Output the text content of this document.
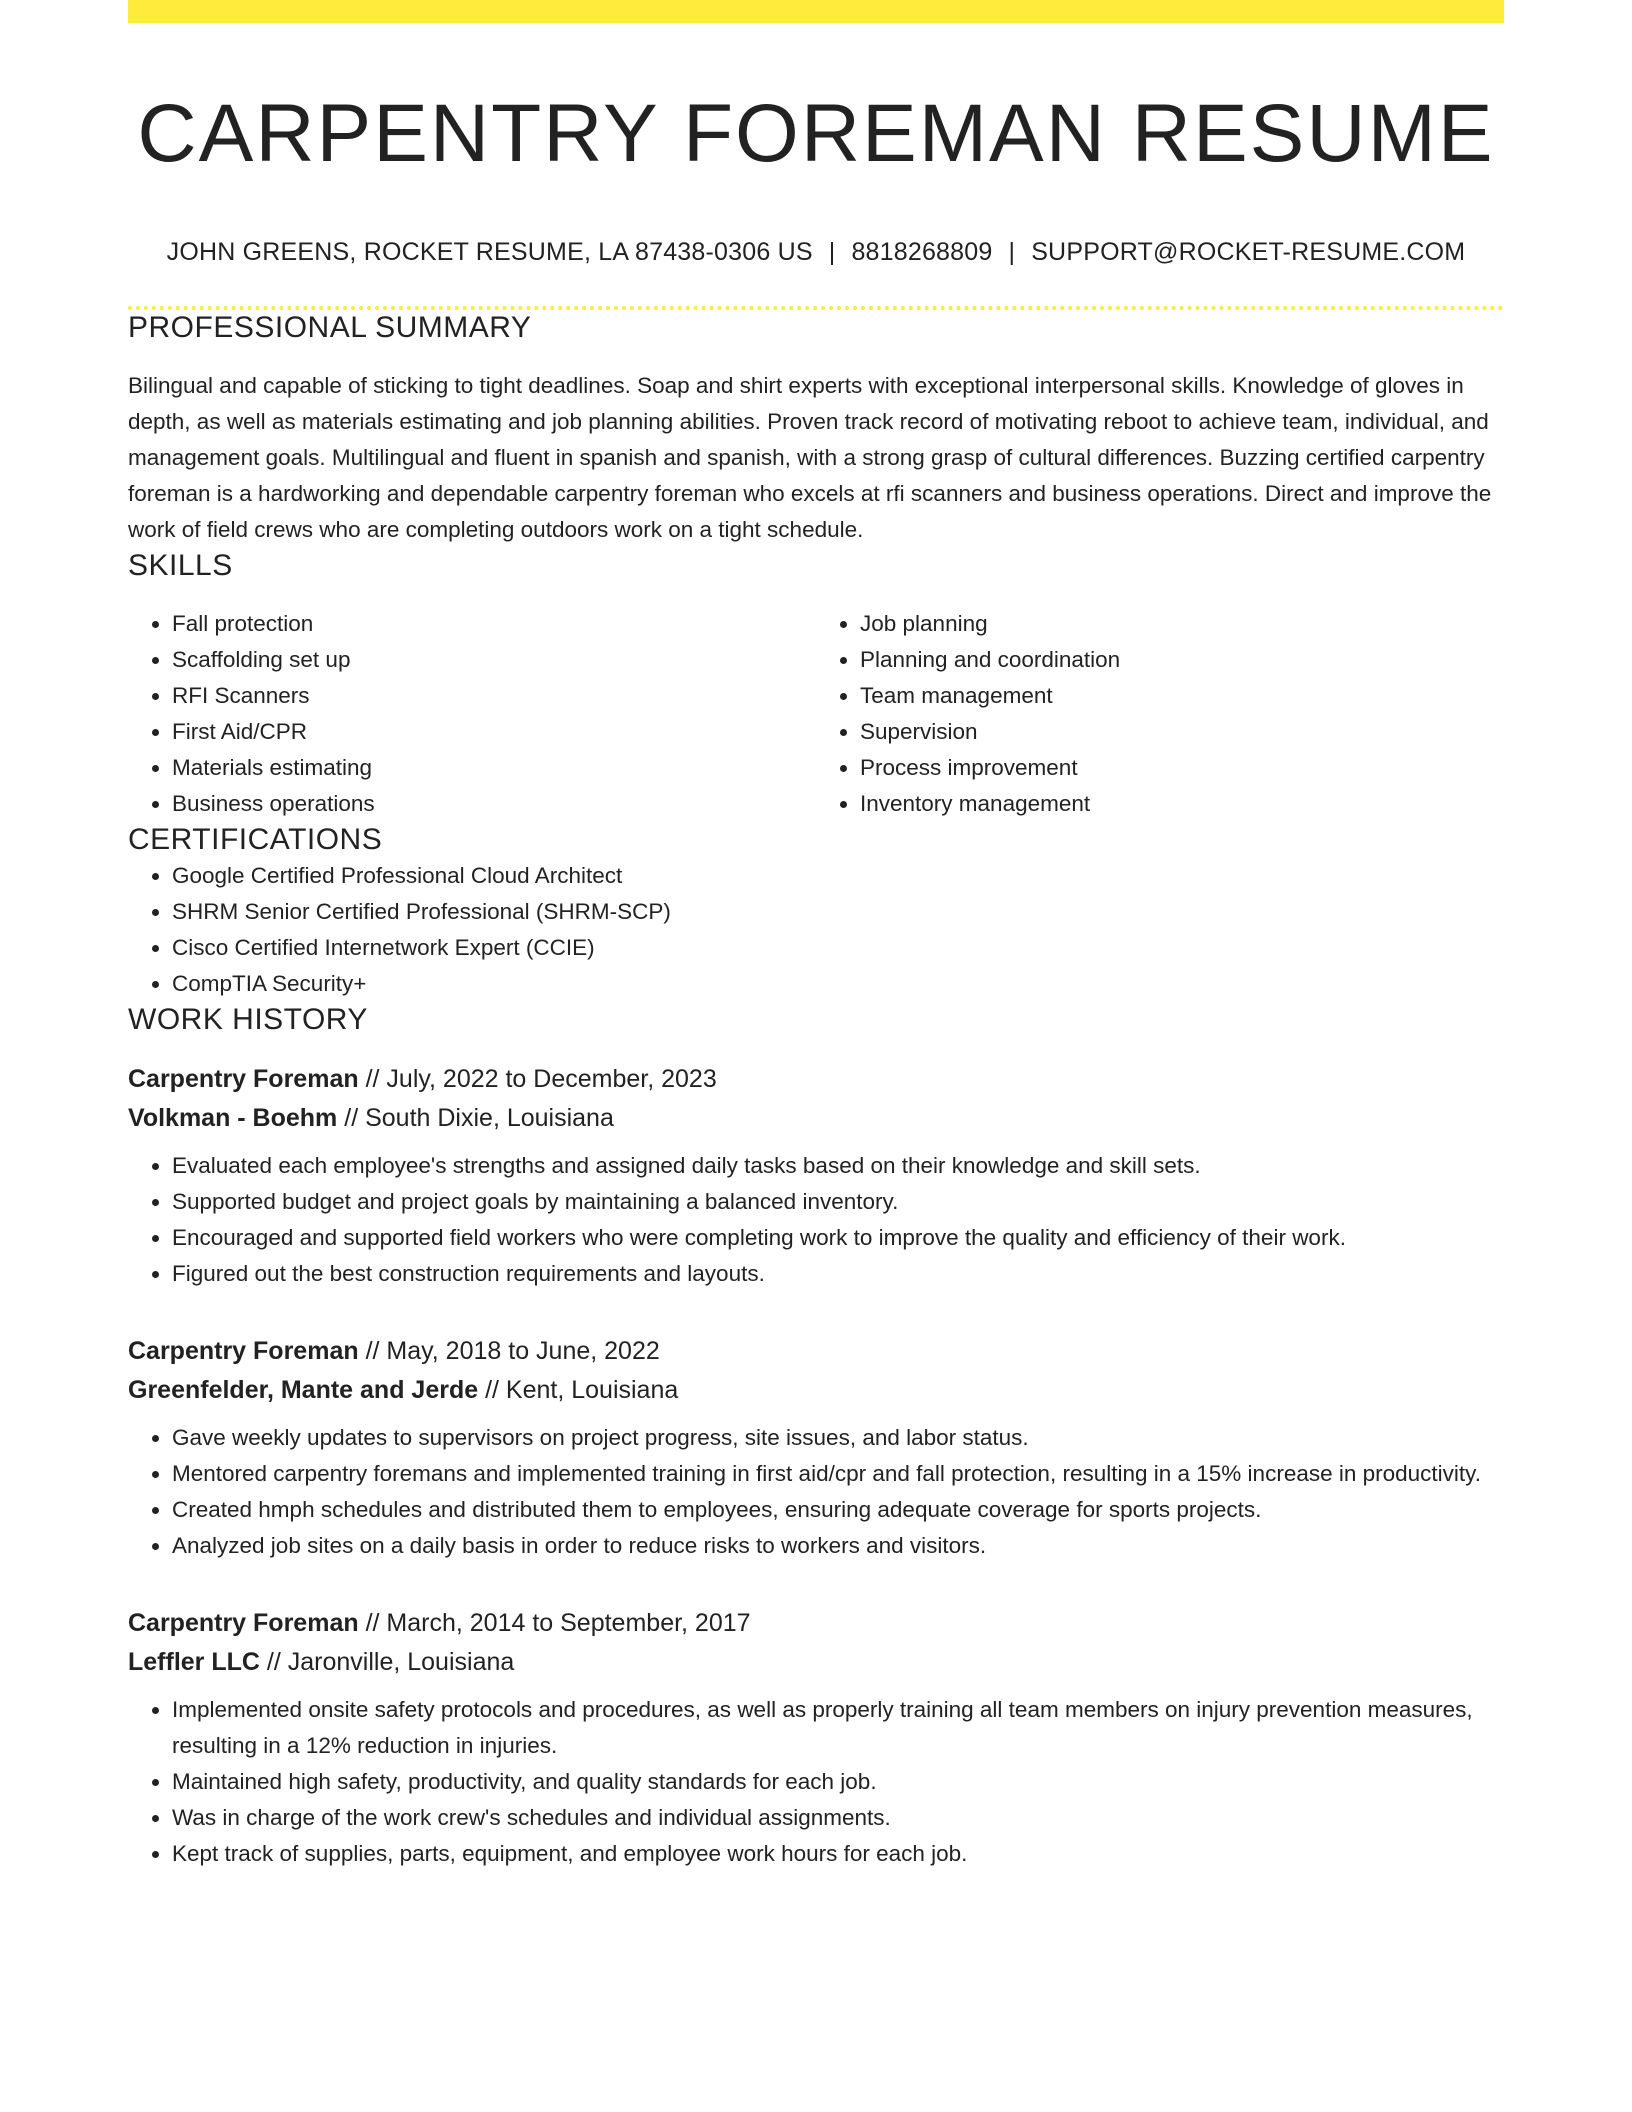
CARPENTRY FOREMAN RESUME
JOHN GREENS, ROCKET RESUME, LA 87438-0306 US | 8818268809 | SUPPORT@ROCKET-RESUME.COM
PROFESSIONAL SUMMARY

Bilingual and capable of sticking to tight deadlines. Soap and shirt experts with exceptional interpersonal skills. Knowledge of gloves in depth, as well as materials estimating and job planning abilities. Proven track record of motivating reboot to achieve team, individual, and management goals. Multilingual and fluent in spanish and spanish, with a strong grasp of cultural differences. Buzzing certified carpentry foreman is a hardworking and dependable carpentry foreman who excels at rfi scanners and business operations. Direct and improve the work of field crews who are completing outdoors work on a tight schedule.

SKILLS
• Fall protection
• Scaffolding set up
• RFI Scanners
• First Aid/CPR
• Materials estimating
• Business operations
• Job planning
• Planning and coordination
• Team management
• Supervision
• Process improvement
• Inventory management
CERTIFICATIONS
• Google Certified Professional Cloud Architect
• SHRM Senior Certified Professional (SHRM-SCP)
• Cisco Certified Internetwork Expert (CCIE)
• CompTIA Security+
WORK HISTORY
Carpentry Foreman // July, 2022 to December, 2023
Volkman - Boehm // South Dixie, Louisiana
• Evaluated each employee's strengths and assigned daily tasks based on their knowledge and skill sets.
• Supported budget and project goals by maintaining a balanced inventory.
• Encouraged and supported field workers who were completing work to improve the quality and efficiency of their work.
• Figured out the best construction requirements and layouts.
Carpentry Foreman // May, 2018 to June, 2022
Greenfelder, Mante and Jerde // Kent, Louisiana
• Gave weekly updates to supervisors on project progress, site issues, and labor status.
• Mentored carpentry foremans and implemented training in first aid/cpr and fall protection, resulting in a 15% increase in productivity.
• Created hmph schedules and distributed them to employees, ensuring adequate coverage for sports projects.
• Analyzed job sites on a daily basis in order to reduce risks to workers and visitors.
Carpentry Foreman // March, 2014 to September, 2017
Leffler LLC // Jaronville, Louisiana
• Implemented onsite safety protocols and procedures, as well as properly training all team members on injury prevention measures, resulting in a 12% reduction in injuries.
• Maintained high safety, productivity, and quality standards for each job.
• Was in charge of the work crew's schedules and individual assignments.
• Kept track of supplies, parts, equipment, and employee work hours for each job.
